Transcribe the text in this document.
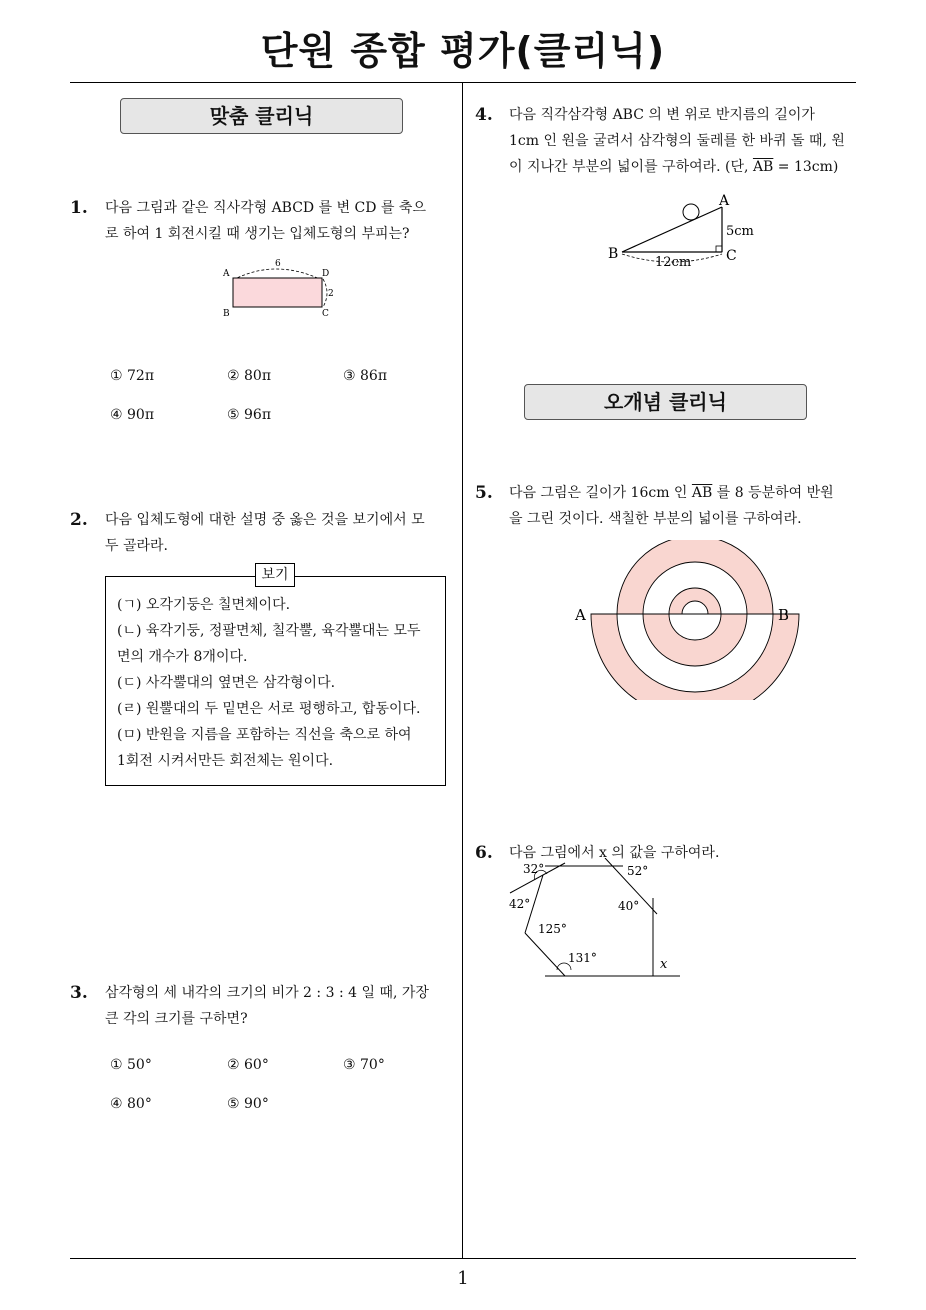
단원 종합 평가(클리닉)
맞춤 클리닉
1. 다음 그림과 같은 직사각형 ABCD 를 변 CD 를 축으
로 하여 1 회전시킬 때 생기는 입체도형의 부피는?
A	D
B	C
6
2
① 72π	② 80π	③ 86π
④ 90π	⑤ 96π
2. 다음 입체도형에 대한 설명 중 옳은 것을 보기에서 모
두 골라라.
보기
(ㄱ) 오각기둥은 칠면체이다.
(ㄴ) 육각기둥, 정팔면체, 칠각뿔, 육각뿔대는 모두
면의 개수가 8개이다.
(ㄷ) 사각뿔대의 옆면은 삼각형이다.
(ㄹ) 원뿔대의 두 밑면은 서로 평행하고, 합동이다.
(ㅁ) 반원을 지름을 포함하는 직선을 축으로 하여
1회전 시켜서만든 회전체는 원이다.
3. 삼각형의 세 내각의 크기의 비가 2 : 3 : 4 일 때, 가장
큰 각의 크기를 구하면?
① 50°	② 60°	③ 70°
④ 80°	⑤ 90°
4. 다음 직각삼각형 ABC 의 변 위로 반지름의 길이가
1cm 인 원을 굴려서 삼각형의 둘레를 한 바퀴 돌 때, 원
이 지나간 부분의 넓이를 구하여라. (단, $\overline{AB} = 13cm$)
A
B	C
5cm
12cm
오개념 클리닉
5. 다음 그림은 길이가 16cm 인 $\overline{AB}$ 를 8 등분하여 반원
을 그린 것이다. 색칠한 부분의 넓이를 구하여라.
A	B
6. 다음 그림에서 x 의 값을 구하여라.
32°	52°
42°	40°
125°
131°	x
1
